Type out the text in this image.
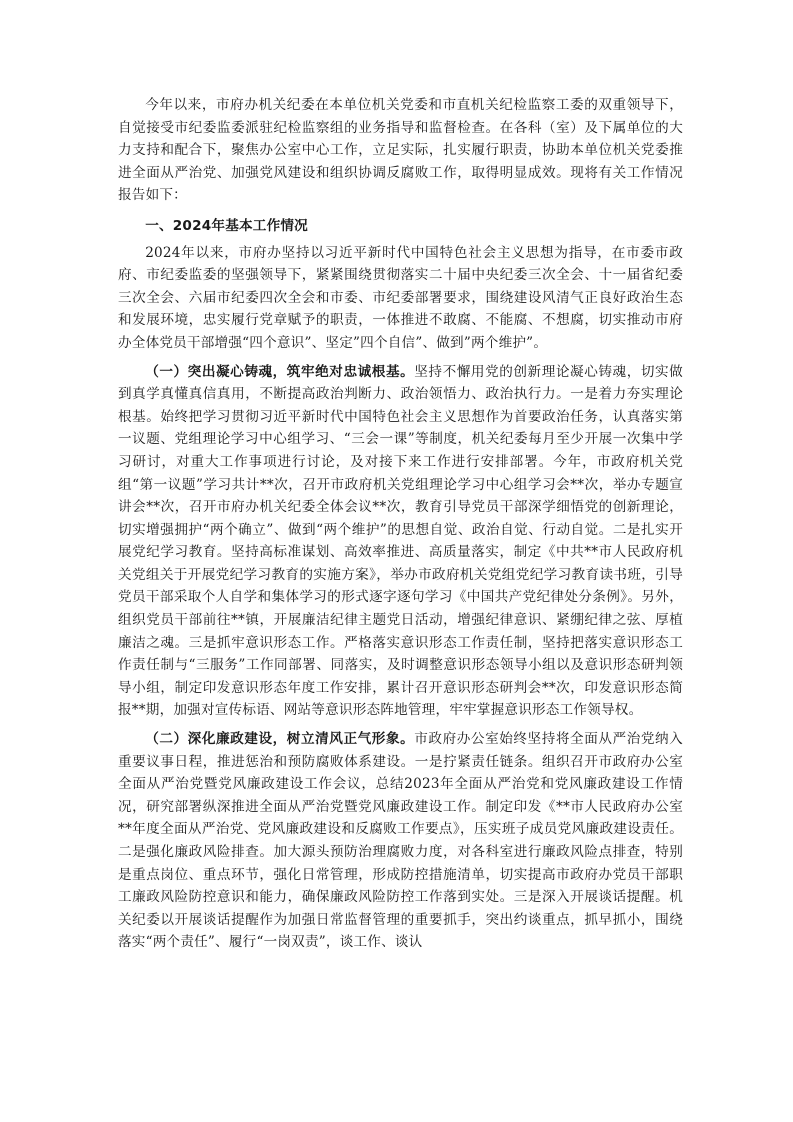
今年以来，市府办机关纪委在本单位机关党委和市直机关纪检监察工委的双重领导下，自觉接受市纪委监委派驻纪检监察组的业务指导和监督检查。在各科（室）及下属单位的大力支持和配合下，聚焦办公室中心工作，立足实际，扎实履行职责，协助本单位机关党委推进全面从严治党、加强党风建设和组织协调反腐败工作，取得明显成效。现将有关工作情况报告如下：

一、2024年基本工作情况

2024年以来，市府办坚持以习近平新时代中国特色社会主义思想为指导，在市委市政府、市纪委监委的坚强领导下，紧紧围绕贯彻落实二十届中央纪委三次全会、十一届省纪委三次全会、六届市纪委四次全会和市委、市纪委部署要求，围绕建设风清气正良好政治生态和发展环境，忠实履行党章赋予的职责，一体推进不敢腐、不能腐、不想腐，切实推动市府办全体党员干部增强“四个意识”、坚定”四个自信”、做到”两个维护”。

（一）突出凝心铸魂，筑牢绝对忠诚根基。坚持不懈用党的创新理论凝心铸魂，切实做到真学真懂真信真用，不断提高政治判断力、政治领悟力、政治执行力。一是着力夯实理论根基。始终把学习贯彻习近平新时代中国特色社会主义思想作为首要政治任务，认真落实第一议题、党组理论学习中心组学习、“三会一课”等制度，机关纪委每月至少开展一次集中学习研讨，对重大工作事项进行讨论，及对接下来工作进行安排部署。今年，市政府机关党组“第一议题”学习共计**次，召开市政府机关党组理论学习中心组学习会**次，举办专题宣讲会**次，召开市府办机关纪委全体会议**次，教育引导党员干部深学细悟党的创新理论，切实增强拥护“两个确立”、做到“两个维护”的思想自觉、政治自觉、行动自觉。二是扎实开展党纪学习教育。坚持高标准谋划、高效率推进、高质量落实，制定《中共**市人民政府机关党组关于开展党纪学习教育的实施方案》，举办市政府机关党组党纪学习教育读书班，引导党员干部采取个人自学和集体学习的形式逐字逐句学习《中国共产党纪律处分条例》。另外，组织党员干部前往**镇，开展廉洁纪律主题党日活动，增强纪律意识、紧绷纪律之弦、厚植廉洁之魂。三是抓牢意识形态工作。严格落实意识形态工作责任制，坚持把落实意识形态工作责任制与“三服务”工作同部署、同落实，及时调整意识形态领导小组以及意识形态研判领导小组，制定印发意识形态年度工作安排，累计召开意识形态研判会**次，印发意识形态简报**期，加强对宣传标语、网站等意识形态阵地管理，牢牢掌握意识形态工作领导权。

（二）深化廉政建设，树立清风正气形象。市政府办公室始终坚持将全面从严治党纳入重要议事日程，推进惩治和预防腐败体系建设。一是拧紧责任链条。组织召开市政府办公室全面从严治党暨党风廉政建设工作会议，总结2023年全面从严治党和党风廉政建设工作情况，研究部署纵深推进全面从严治党暨党风廉政建设工作。制定印发《**市人民政府办公室**年度全面从严治党、党风廉政建设和反腐败工作要点》，压实班子成员党风廉政建设责任。二是强化廉政风险排查。加大源头预防治理腐败力度，对各科室进行廉政风险点排查，特别是重点岗位、重点环节，强化日常管理，形成防控措施清单，切实提高市政府办党员干部职工廉政风险防控意识和能力，确保廉政风险防控工作落到实处。三是深入开展谈话提醒。机关纪委以开展谈话提醒作为加强日常监督管理的重要抓手，突出约谈重点，抓早抓小，围绕落实“两个责任”、履行“一岗双责”，谈工作、谈认
